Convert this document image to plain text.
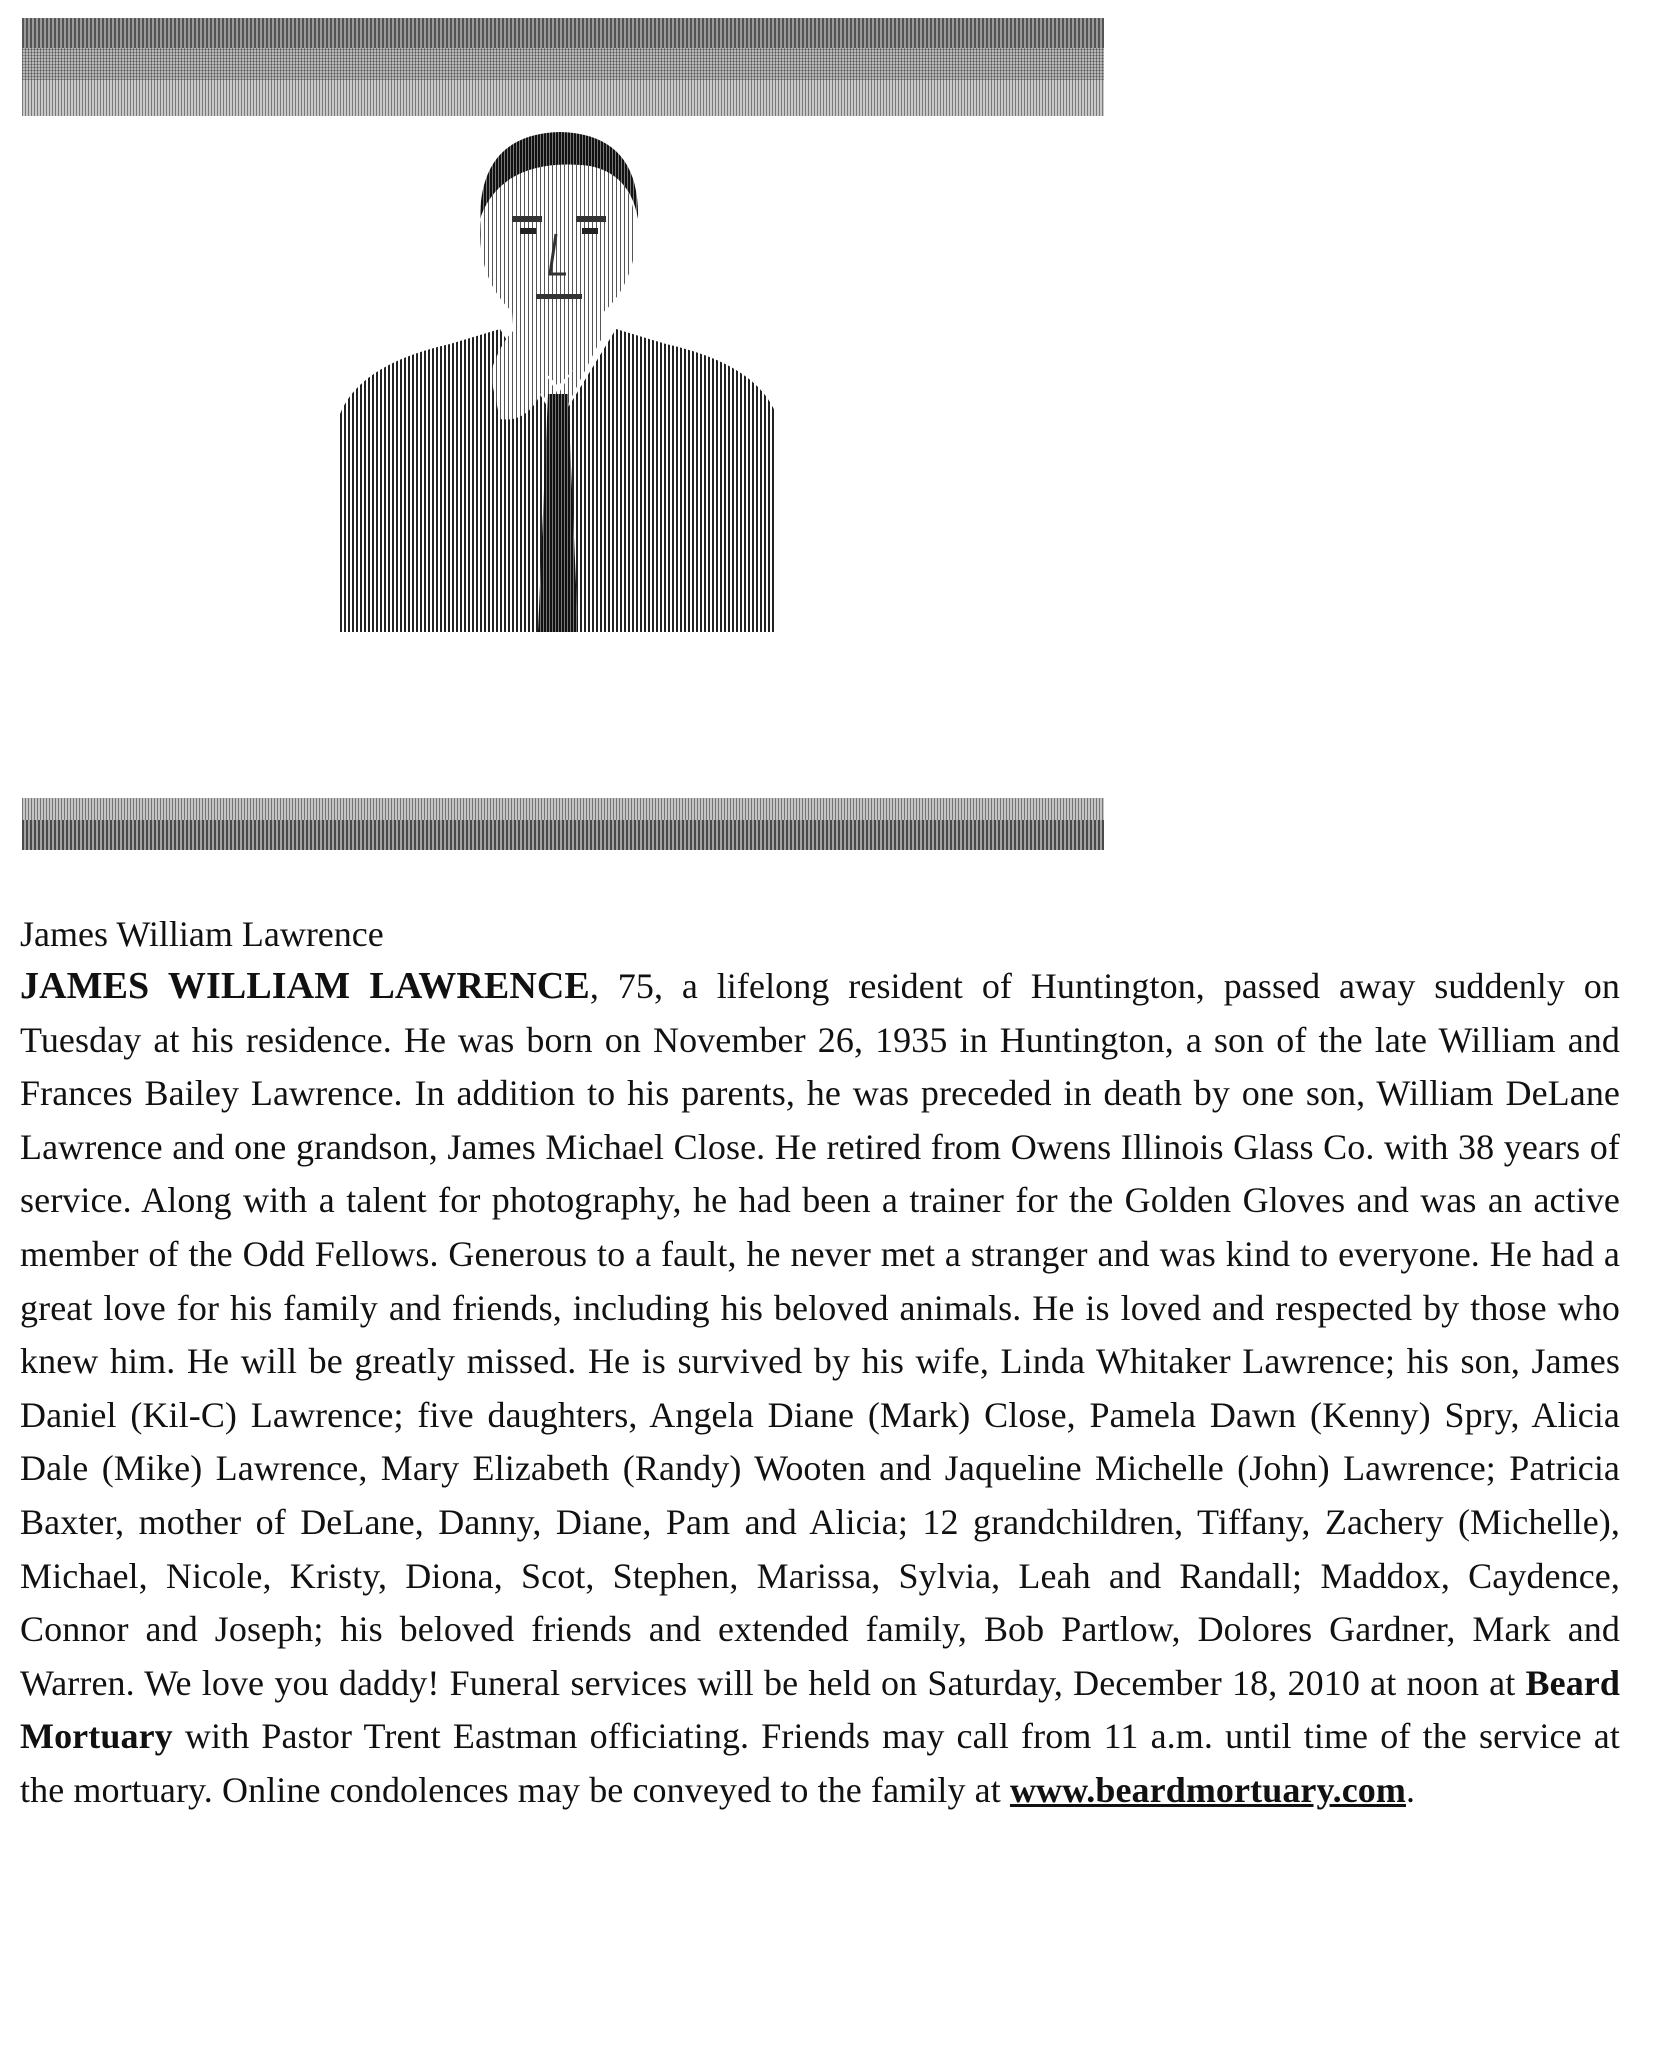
James William Lawrence

JAMES WILLIAM LAWRENCE, 75, a lifelong resident of Huntington, passed away suddenly on Tuesday at his residence. He was born on November 26, 1935 in Huntington, a son of the late William and Frances Bailey Lawrence. In addition to his parents, he was preceded in death by one son, William DeLane Lawrence and one grandson, James Michael Close. He retired from Owens Illinois Glass Co. with 38 years of service. Along with a talent for photography, he had been a trainer for the Golden Gloves and was an active member of the Odd Fellows. Generous to a fault, he never met a stranger and was kind to everyone. He had a great love for his family and friends, including his beloved animals. He is loved and respected by those who knew him. He will be greatly missed. He is survived by his wife, Linda Whitaker Lawrence; his son, James Daniel (Kil-C) Lawrence; five daughters, Angela Diane (Mark) Close, Pamela Dawn (Kenny) Spry, Alicia Dale (Mike) Lawrence, Mary Elizabeth (Randy) Wooten and Jaqueline Michelle (John) Lawrence; Patricia Baxter, mother of DeLane, Danny, Diane, Pam and Alicia; 12 grandchildren, Tiffany, Zachery (Michelle), Michael, Nicole, Kristy, Diona, Scot, Stephen, Marissa, Sylvia, Leah and Randall; Maddox, Caydence, Connor and Joseph; his beloved friends and extended family, Bob Partlow, Dolores Gardner, Mark and Warren. We love you daddy! Funeral services will be held on Saturday, December 18, 2010 at noon at Beard Mortuary with Pastor Trent Eastman officiating. Friends may call from 11 a.m. until time of the service at the mortuary. Online condolences may be conveyed to the family at www.beardmortuary.com.
